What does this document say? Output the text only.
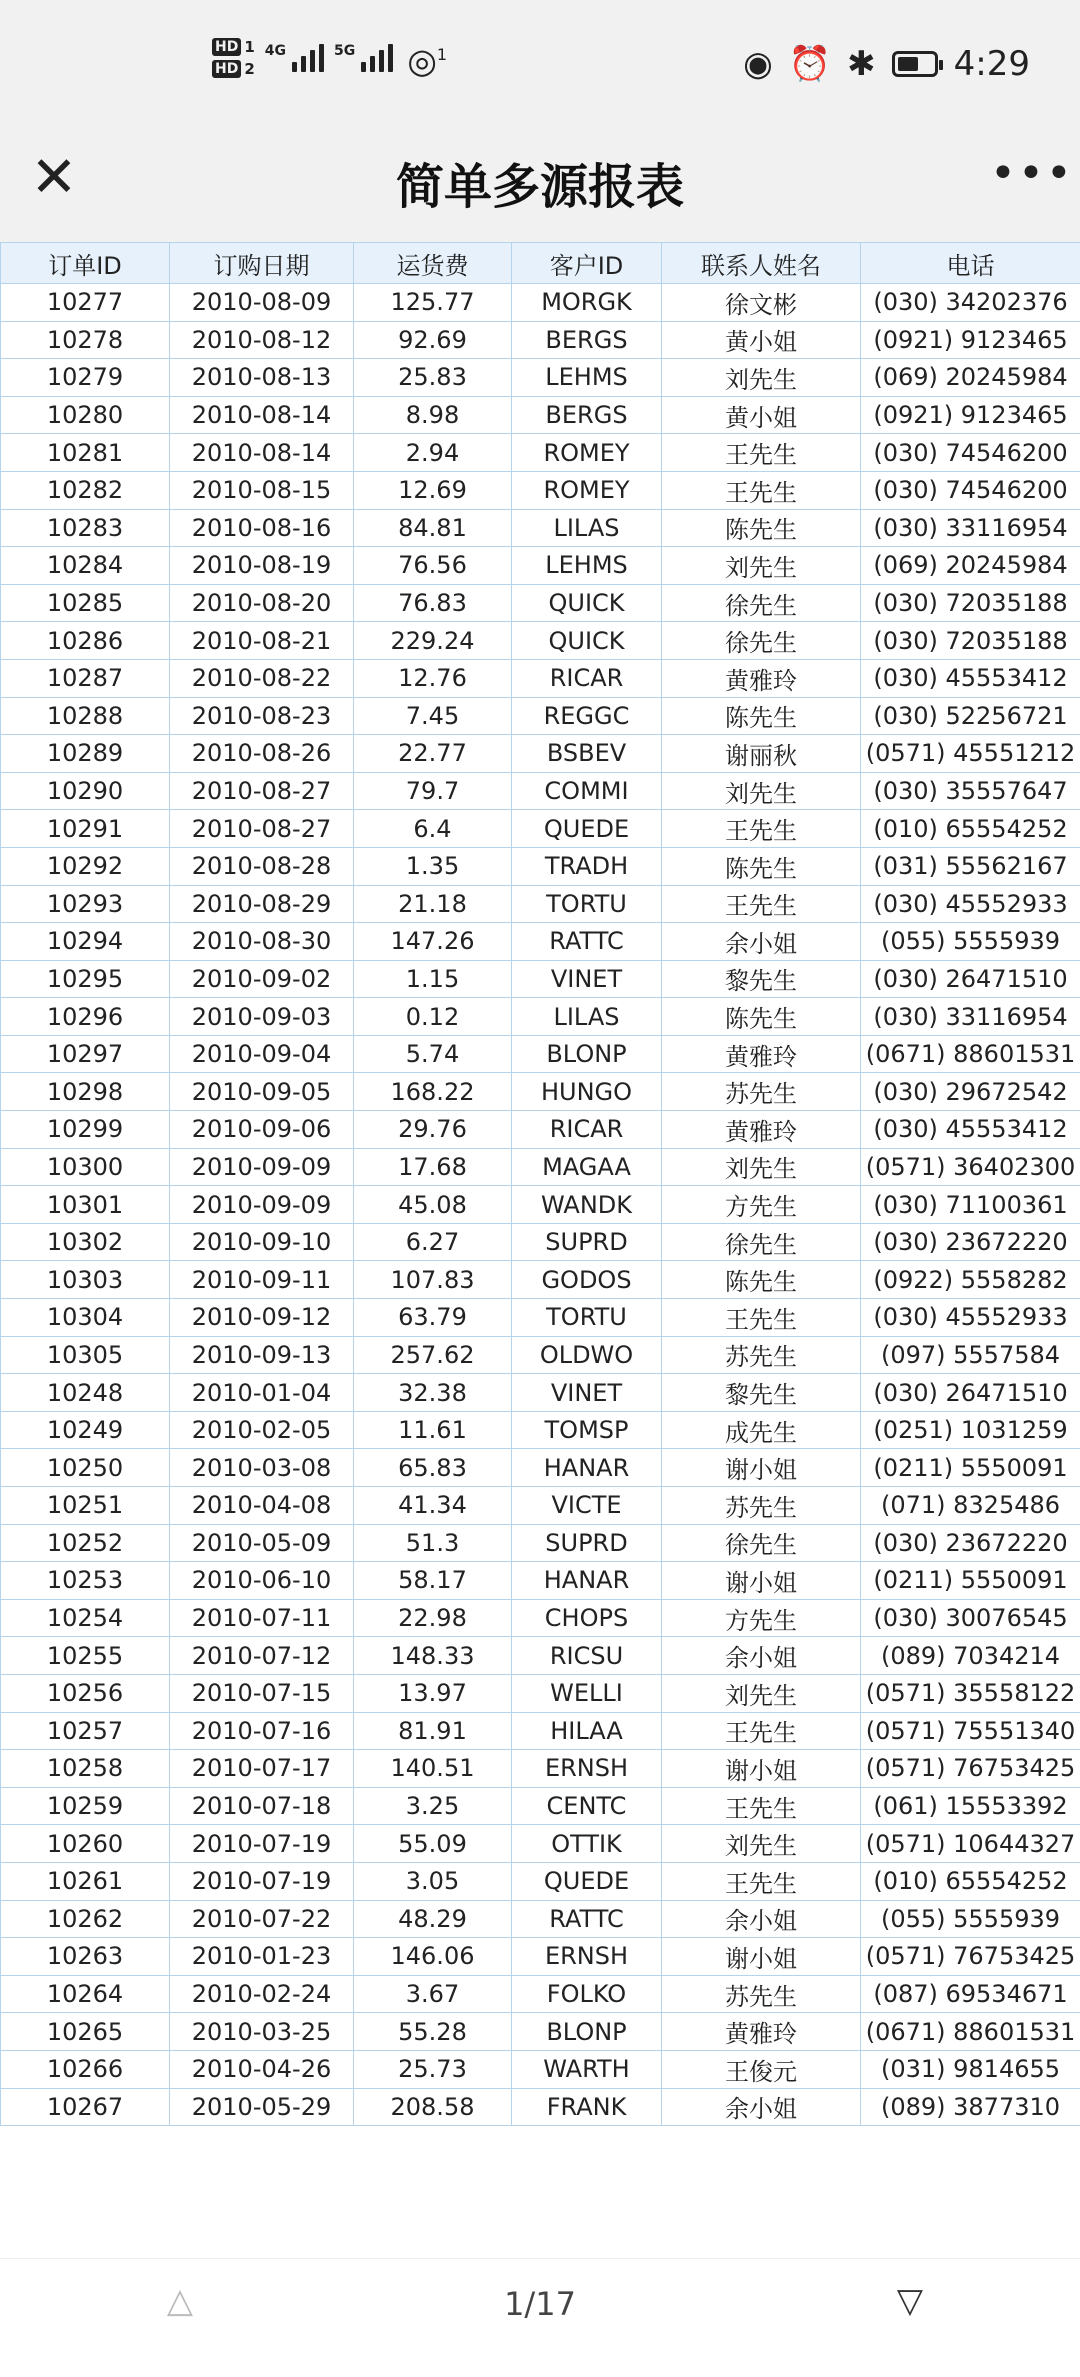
HD 1
HD 2
4G	5G ◎$^1$	◉ ⏰ ✱ 4:29
✕	简单多源报表	•••
订单ID	订购日期	运货费	客户ID	联系人姓名	电话
10277	2010-08-09	125.77	MORGK	徐文彬	(030) 34202376
10278	2010-08-12	92.69	BERGS	黄小姐	(0921) 9123465
10279	2010-08-13	25.83	LEHMS	刘先生	(069) 20245984
10280	2010-08-14	8.98	BERGS	黄小姐	(0921) 9123465
10281	2010-08-14	2.94	ROMEY	王先生	(030) 74546200
10282	2010-08-15	12.69	ROMEY	王先生	(030) 74546200
10283	2010-08-16	84.81	LILAS	陈先生	(030) 33116954
10284	2010-08-19	76.56	LEHMS	刘先生	(069) 20245984
10285	2010-08-20	76.83	QUICK	徐先生	(030) 72035188
10286	2010-08-21	229.24	QUICK	徐先生	(030) 72035188
10287	2010-08-22	12.76	RICAR	黄雅玲	(030) 45553412
10288	2010-08-23	7.45	REGGC	陈先生	(030) 52256721
10289	2010-08-26	22.77	BSBEV	谢丽秋	(0571) 45551212
10290	2010-08-27	79.7	COMMI	刘先生	(030) 35557647
10291	2010-08-27	6.4	QUEDE	王先生	(010) 65554252
10292	2010-08-28	1.35	TRADH	陈先生	(031) 55562167
10293	2010-08-29	21.18	TORTU	王先生	(030) 45552933
10294	2010-08-30	147.26	RATTC	余小姐	(055) 5555939
10295	2010-09-02	1.15	VINET	黎先生	(030) 26471510
10296	2010-09-03	0.12	LILAS	陈先生	(030) 33116954
10297	2010-09-04	5.74	BLONP	黄雅玲	(0671) 88601531
10298	2010-09-05	168.22	HUNGO	苏先生	(030) 29672542
10299	2010-09-06	29.76	RICAR	黄雅玲	(030) 45553412
10300	2010-09-09	17.68	MAGAA	刘先生	(0571) 36402300
10301	2010-09-09	45.08	WANDK	方先生	(030) 71100361
10302	2010-09-10	6.27	SUPRD	徐先生	(030) 23672220
10303	2010-09-11	107.83	GODOS	陈先生	(0922) 5558282
10304	2010-09-12	63.79	TORTU	王先生	(030) 45552933
10305	2010-09-13	257.62	OLDWO	苏先生	(097) 5557584
10248	2010-01-04	32.38	VINET	黎先生	(030) 26471510
10249	2010-02-05	11.61	TOMSP	成先生	(0251) 1031259
10250	2010-03-08	65.83	HANAR	谢小姐	(0211) 5550091
10251	2010-04-08	41.34	VICTE	苏先生	(071) 8325486
10252	2010-05-09	51.3	SUPRD	徐先生	(030) 23672220
10253	2010-06-10	58.17	HANAR	谢小姐	(0211) 5550091
10254	2010-07-11	22.98	CHOPS	方先生	(030) 30076545
10255	2010-07-12	148.33	RICSU	余小姐	(089) 7034214
10256	2010-07-15	13.97	WELLI	刘先生	(0571) 35558122
10257	2010-07-16	81.91	HILAA	王先生	(0571) 75551340
10258	2010-07-17	140.51	ERNSH	谢小姐	(0571) 76753425
10259	2010-07-18	3.25	CENTC	王先生	(061) 15553392
10260	2010-07-19	55.09	OTTIK	刘先生	(0571) 10644327
10261	2010-07-19	3.05	QUEDE	王先生	(010) 65554252
10262	2010-07-22	48.29	RATTC	余小姐	(055) 5555939
10263	2010-01-23	146.06	ERNSH	谢小姐	(0571) 76753425
10264	2010-02-24	3.67	FOLKO	苏先生	(087) 69534671
10265	2010-03-25	55.28	BLONP	黄雅玲	(0671) 88601531
10266	2010-04-26	25.73	WARTH	王俊元	(031) 9814655
10267	2010-05-29	208.58	FRANK	余小姐	(089) 3877310
△	1/17	▽
